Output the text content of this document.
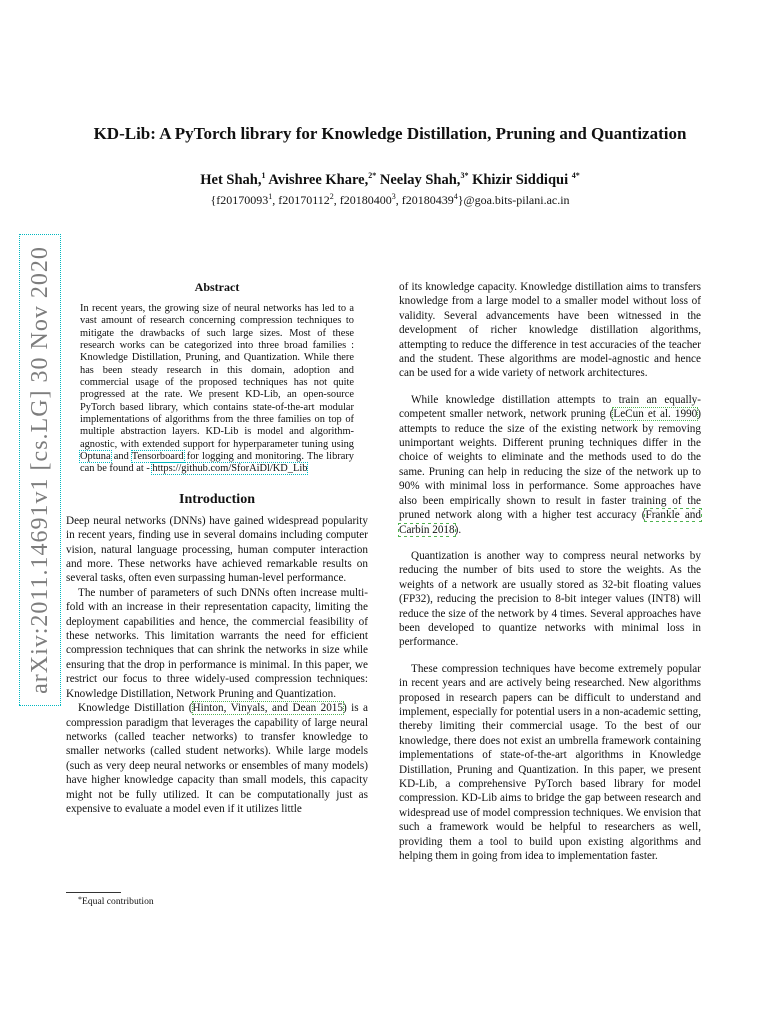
arXiv:2011.14691v1 [cs.LG] 30 Nov 2020
KD-Lib: A PyTorch library for Knowledge Distillation, Pruning and Quantization
Het Shah,$^1$ Avishree Khare,$^{2*}$ Neelay Shah,$^{3*}$ Khizir Siddiqui $^{4*}$
{f20170093$^1$, f20170112$^2$, f20180400$^3$, f20180439$^4$}@goa.bits-pilani.ac.in
Abstract

In recent years, the growing size of neural networks has led to a vast amount of research concerning compression techniques to mitigate the drawbacks of such large sizes. Most of these research works can be categorized into three broad families : Knowledge Distillation, Pruning, and Quantization. While there has been steady research in this domain, adoption and commercial usage of the proposed techniques has not quite progressed at the rate. We present KD-Lib, an open-source PyTorch based library, which contains state-of-the-art modular implementations of algorithms from the three families on top of multiple abstraction layers. KD-Lib is model and algorithm-agnostic, with extended support for hyperparameter tuning using Optuna and Tensorboard for logging and monitoring. The library can be found at - https://github.com/SforAiDl/KD_Lib

Introduction

Deep neural networks (DNNs) have gained widespread popularity in recent years, finding use in several domains including computer vision, natural language processing, human computer interaction and more. These networks have achieved remarkable results on several tasks, often even surpassing human-level performance.

The number of parameters of such DNNs often increase multi-fold with an increase in their representation capacity, limiting the deployment capabilities and hence, the commercial feasibility of these networks. This limitation warrants the need for efficient compression techniques that can shrink the networks in size while ensuring that the drop in performance is minimal. In this paper, we restrict our focus to three widely-used compression techniques: Knowledge Distillation, Network Pruning and Quantization.

Knowledge Distillation (Hinton, Vinyals, and Dean 2015) is a compression paradigm that leverages the capability of large neural networks (called teacher networks) to transfer knowledge to smaller networks (called student networks). While large models (such as very deep neural networks or ensembles of many models) have higher knowledge capacity than small models, this capacity might not be fully utilized. It can be computationally just as expensive to evaluate a model even if it utilizes little

of its knowledge capacity. Knowledge distillation aims to transfers knowledge from a large model to a smaller model without loss of validity. Several advancements have been witnessed in the development of richer knowledge distillation algorithms, attempting to reduce the difference in test accuracies of the teacher and the student. These algorithms are model-agnostic and hence can be used for a wide variety of network architectures.

While knowledge distillation attempts to train an equally-competent smaller network, network pruning (LeCun et al. 1990) attempts to reduce the size of the existing network by removing unimportant weights. Different pruning techniques differ in the choice of weights to eliminate and the methods used to do the same. Pruning can help in reducing the size of the network up to 90% with minimal loss in performance. Some approaches have also been empirically shown to result in faster training of the pruned network along with a higher test accuracy (Frankle and Carbin 2018).

Quantization is another way to compress neural networks by reducing the number of bits used to store the weights. As the weights of a network are usually stored as 32-bit floating values (FP32), reducing the precision to 8-bit integer values (INT8) will reduce the size of the network by 4 times. Several approaches have been developed to quantize networks with minimal loss in performance.

These compression techniques have become extremely popular in recent years and are actively being researched. New algorithms proposed in research papers can be difficult to understand and implement, especially for potential users in a non-academic setting, thereby limiting their commercial usage. To the best of our knowledge, there does not exist an umbrella framework containing implementations of state-of-the-art algorithms in Knowledge Distillation, Pruning and Quantization. In this paper, we present KD-Lib, a comprehensive PyTorch based library for model compression. KD-Lib aims to bridge the gap between research and widespread use of model compression techniques. We envision that such a framework would be helpful to researchers as well, providing them a tool to build upon existing algorithms and helping them in going from idea to implementation faster.

*Equal contribution
